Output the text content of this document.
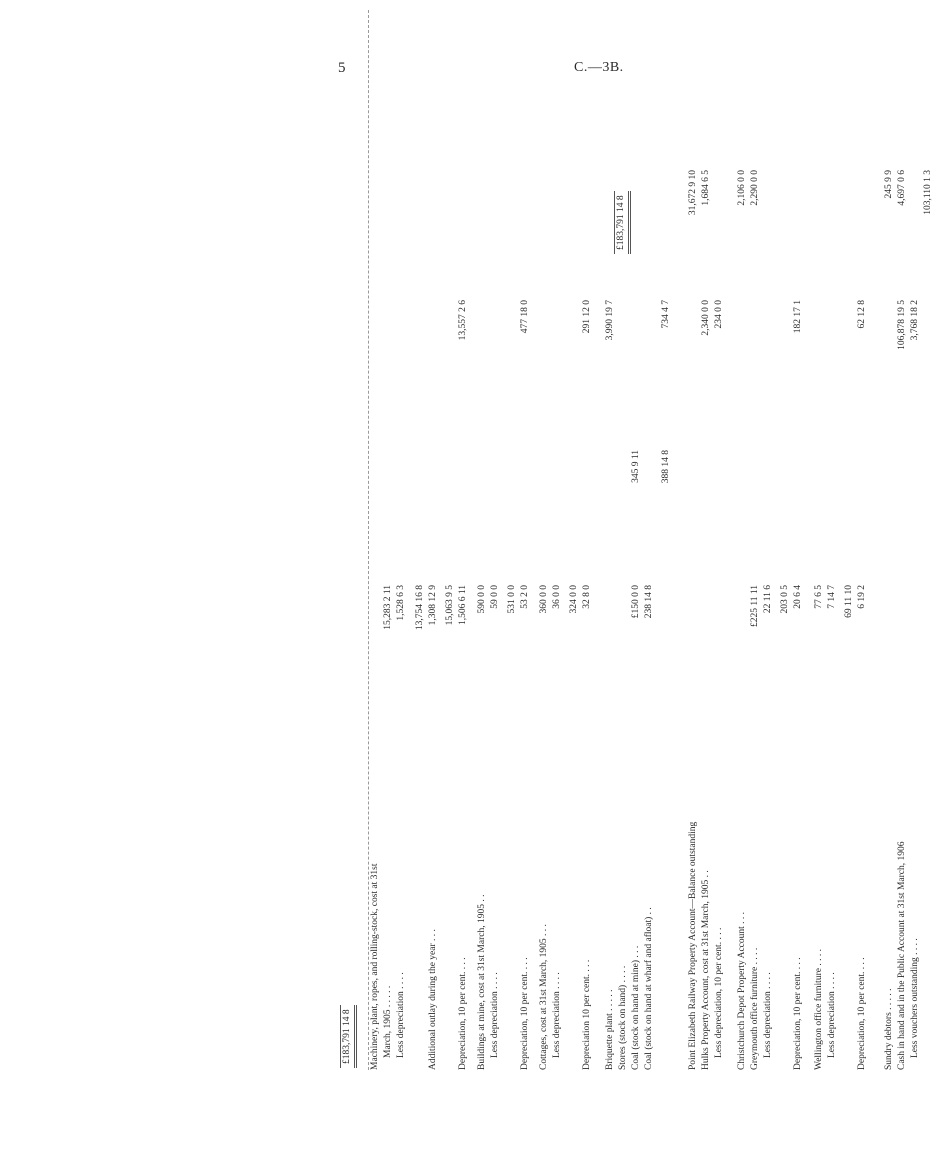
5	C.—3B.
£183,791 14 8	Machinery, plant, ropes, and rolling-stock, cost at 31st March, 1905 . . . . .
15,283 2 11
Less depreciation . . . .
1,528 6 3 13,754 16 8
Additional outlay during the year . . .
1,308 12 9 15,063 9 5
Depreciation, 10 per cent. . . .
1,506 6 11
13,557 2 6
Buildings at mine, cost at 31st March, 1905 . .
590 0 0
Less depreciation . . . .
59 0 0 531 0 0
Depreciation, 10 per cent. . . .
53 2 0
477 18 0
Cottages, cost at 31st March, 1905 . . .
360 0 0
Less depreciation . . . .
36 0 0 324 0 0
Depreciation 10 per cent. . . .
32 8 0
291 12 0
Briquette plant . . . . .
3,990 19 7
Stores (stock on hand) . . . . Coal (stock on hand at mine) . . .
£150 0 0
345 9 11
Coal (stock on hand at wharf and afloat) . .
238 14 8
388 14 8
734 4 7
Point Elizabeth Railway Property Account—Balance outstanding
31,672 9 10
Hulks Property Account, cost at 31st March, 1905 . .
2,340 0 0
1,684 6 5
Less depreciation, 10 per cent. . . .
234 0 0
Christchurch Depot Property Account . . .
2,106 0 0
Greymouth office furniture . . . .
£225 11 11
2,290 0 0
Less depreciation . . . .
22 11 6 203 0 5
Depreciation, 10 per cent. . . .
20 6 4
182 17 1
Wellington office furniture . . . .
77 6 5
Less depreciation . . . .
7 14 7 69 11 10
Depreciation, 10 per cent. . . .
6 19 2
62 12 8
Sundry debtors . . . . .
245 9 9
Cash in hand and in the Public Account at 31st March, 1906
106,878 19 5
4,697 0 6
Less vouchers outstanding . . . .
3,768 18 2
103,110 1 3
£183,791 14 8
